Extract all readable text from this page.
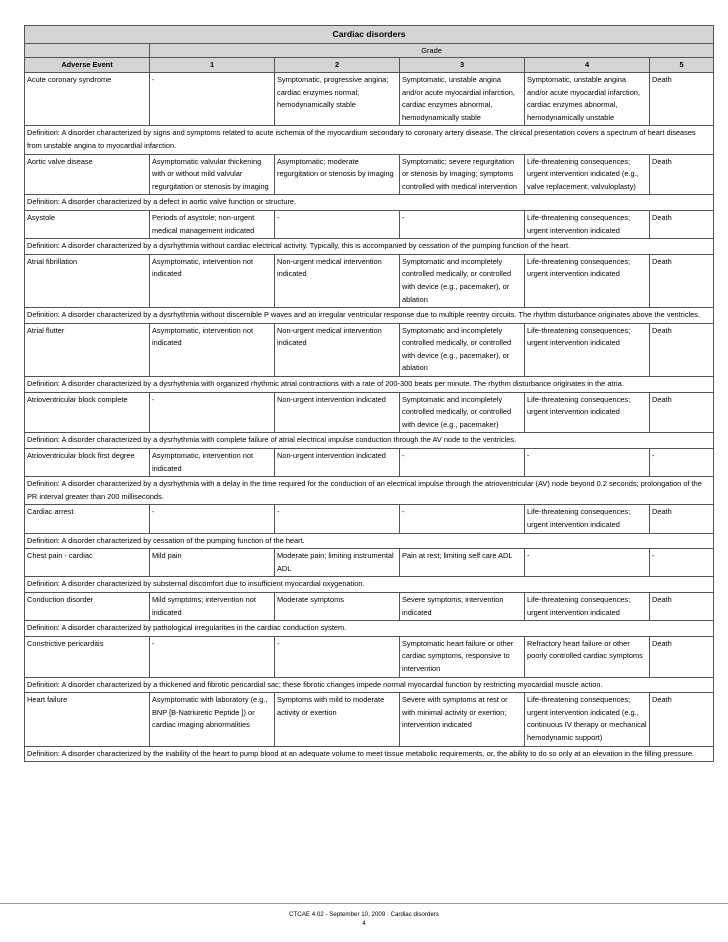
Cardiac disorders					
	Grade				
Adverse Event	1	2	3	4	5
Acute coronary syndrome	-	Symptomatic, progressive angina; cardiac enzymes normal; hemodynamically stable	Symptomatic, unstable angina and/or acute myocardial infarction, cardiac enzymes abnormal, hemodynamically stable	Symptomatic, unstable angina and/or acute myocardial infarction, cardiac enzymes abnormal, hemodynamically unstable	Death
Definition: A disorder characterized by signs and symptoms related to acute ischemia of the myocardium secondary to coronary artery disease. The clinical presentation covers a spectrum of heart diseases from unstable angina to myocardial infarction.					
Aortic valve disease	Asymptomatic valvular thickening with or without mild valvular regurgitation or stenosis by imaging	Asymptomatic; moderate regurgitation or stenosis by imaging	Symptomatic; severe regurgitation or stenosis by imaging; symptoms controlled with medical intervention	Life-threatening consequences; urgent intervention indicated (e.g., valve replacement, valvuloplasty)	Death
Definition: A disorder characterized by a defect in aortic valve function or structure.					
Asystole	Periods of asystole; non-urgent medical management indicated	-	-	Life-threatening consequences; urgent intervention indicated	Death
Definition: A disorder characterized by a dysrhythmia without cardiac electrical activity. Typically, this is accompanied by cessation of the pumping function of the heart.					
Atrial fibrillation	Asymptomatic, intervention not indicated	Non-urgent medical intervention indicated	Symptomatic and incompletely controlled medically, or controlled with device (e.g., pacemaker), or ablation	Life-threatening consequences; urgent intervention indicated	Death
Definition: A disorder characterized by a dysrhythmia without discernible P waves and an irregular ventricular response due to multiple reentry circuits. The rhythm disturbance originates above the ventricles.					
Atrial flutter	Asymptomatic, intervention not indicated	Non-urgent medical intervention indicated	Symptomatic and incompletely controlled medically, or controlled with device (e.g., pacemaker), or ablation	Life-threatening consequences; urgent intervention indicated	Death
Definition: A disorder characterized by a dysrhythmia with organized rhythmic atrial contractions with a rate of 200-300 beats per minute. The rhythm disturbance originates in the atria.					
Atrioventricular block complete	-	Non-urgent intervention indicated	Symptomatic and incompletely controlled medically, or controlled with device (e.g., pacemaker)	Life-threatening consequences; urgent intervention indicated	Death
Definition: A disorder characterized by a dysrhythmia with complete failure of atrial electrical impulse conduction through the AV node to the ventricles.					
Atrioventricular block first degree	Asymptomatic, intervention not indicated	Non-urgent intervention indicated	-	-	-
Definition: A disorder characterized by a dysrhythmia with a delay in the time required for the conduction of an electrical impulse through the atrioventricular (AV) node beyond 0.2 seconds; prolongation of the PR interval greater than 200 milliseconds.					
Cardiac arrest	-	-	-	Life-threatening consequences; urgent intervention indicated	Death
Definition: A disorder characterized by cessation of the pumping function of the heart.					
Chest pain - cardiac	Mild pain	Moderate pain; limiting instrumental ADL	Pain at rest; limiting self care ADL	-	-
Definition: A disorder characterized by substernal discomfort due to insufficient myocardial oxygenation.					
Conduction disorder	Mild symptoms; intervention not indicated	Moderate symptoms	Severe symptoms; intervention indicated	Life-threatening consequences; urgent intervention indicated	Death
Definition: A disorder characterized by pathological irregularities in the cardiac conduction system.					
Constrictive pericarditis	-	-	Symptomatic heart failure or other cardiac symptoms, responsive to intervention	Refractory heart failure or other poorly controlled cardiac symptoms	Death
Definition: A disorder characterized by a thickened and fibrotic pericardial sac; these fibrotic changes impede normal myocardial function by restricting myocardial muscle action.					
Heart failure	Asymptomatic with laboratory (e.g., BNP [B-Natriuretic Peptide ]) or cardiac imaging abnormalities	Symptoms with mild to moderate activity or exertion	Severe with symptoms at rest or with minimal activity or exertion; intervention indicated	Life-threatening consequences; urgent intervention indicated (e.g., continuous IV therapy or mechanical hemodynamic support)	Death
Definition: A disorder characterized by the inability of the heart to pump blood at an adequate volume to meet tissue metabolic requirements, or, the ability to do so only at an elevation in the filling pressure.					
CTCAE 4.02 - September 10, 2009 : Cardiac disorders
4
